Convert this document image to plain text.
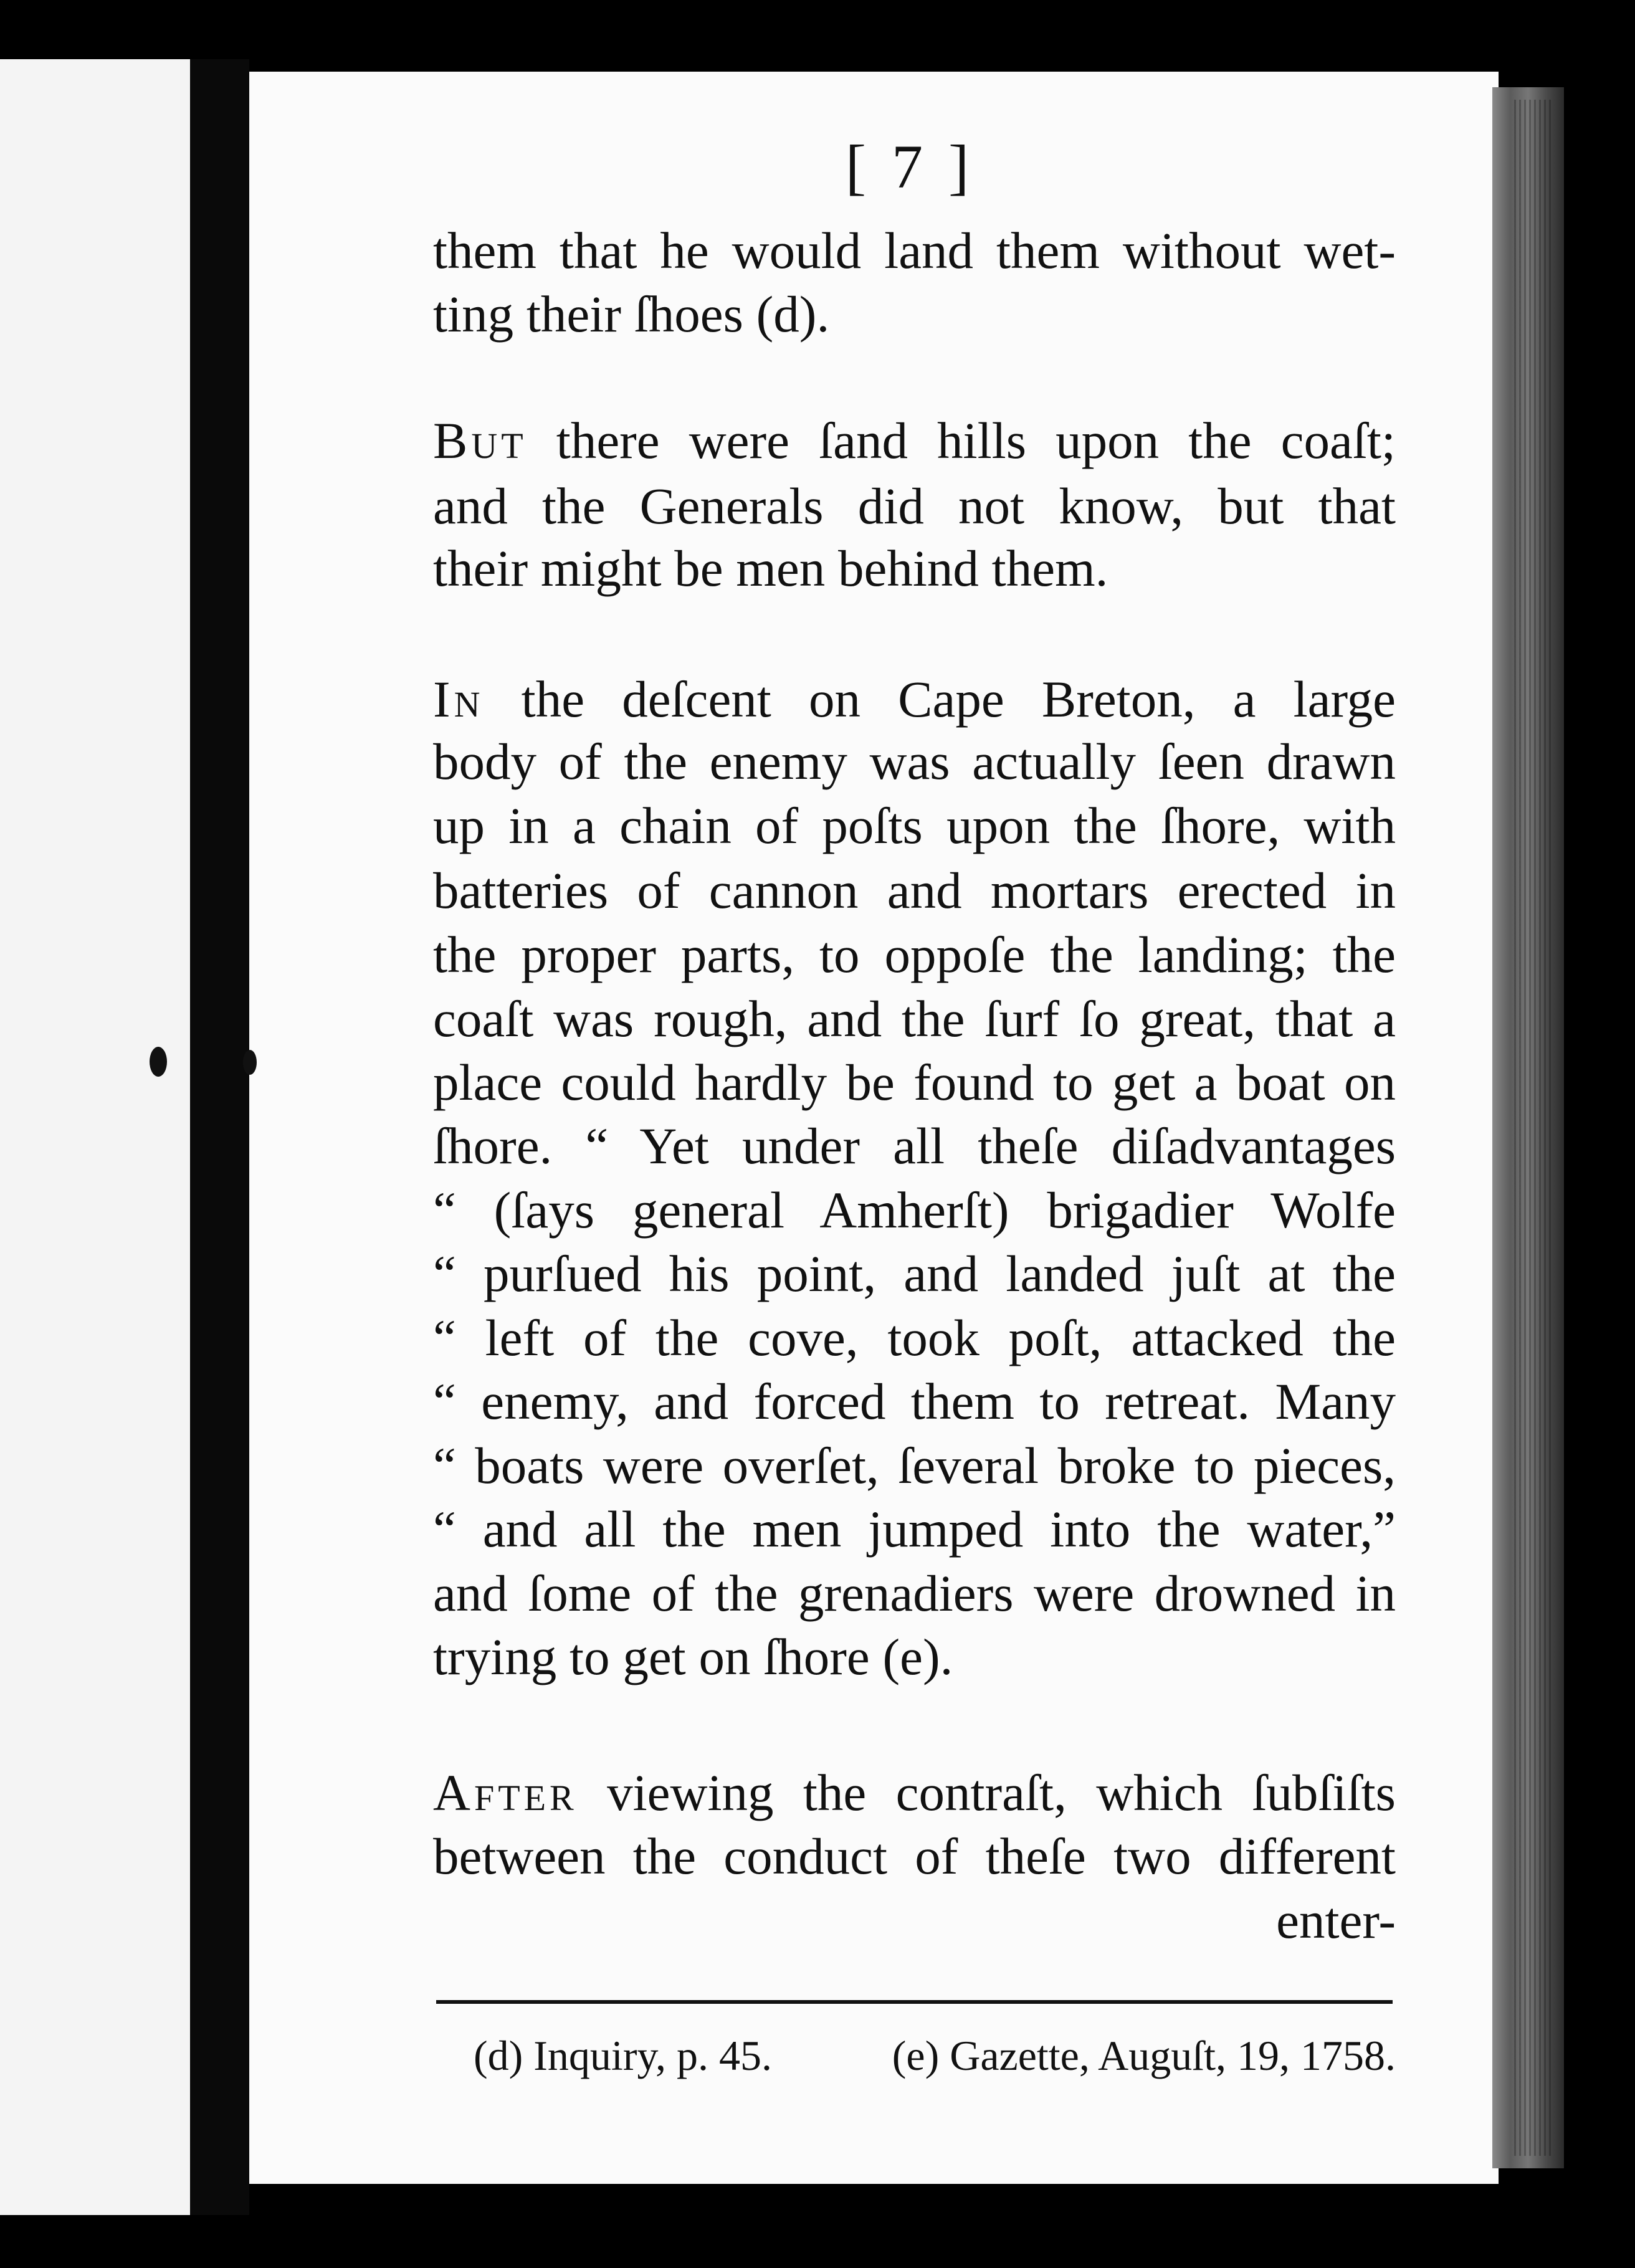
[ 7 ]
them that he would land them without wet-
ting their ſhoes (d).
But there were ſand hills upon the coaſt;
and the Generals did not know, but that
their might be men behind them.
In the deſcent on Cape Breton, a large
body of the enemy was actually ſeen drawn
up in a chain of poſts upon the ſhore, with
batteries of cannon and mortars erected in
the proper parts, to oppoſe the landing; the
coaſt was rough, and the ſurf ſo great, that a
place could hardly be found to get a boat on
ſhore. “ Yet under all theſe diſadvantages
“ (ſays general Amherſt) brigadier Wolfe
“ purſued his point, and landed juſt at the
“ left of the cove, took poſt, attacked the
“ enemy, and forced them to retreat. Many
“ boats were overſet, ſeveral broke to pieces,
“ and all the men jumped into the water,”
and ſome of the grenadiers were drowned in
trying to get on ſhore (e).
After viewing the contraſt, which ſubſiſts
between the conduct of theſe two different
enter-
(d) Inquiry, p. 45.	(e) Gazette, Auguſt, 19, 1758.
